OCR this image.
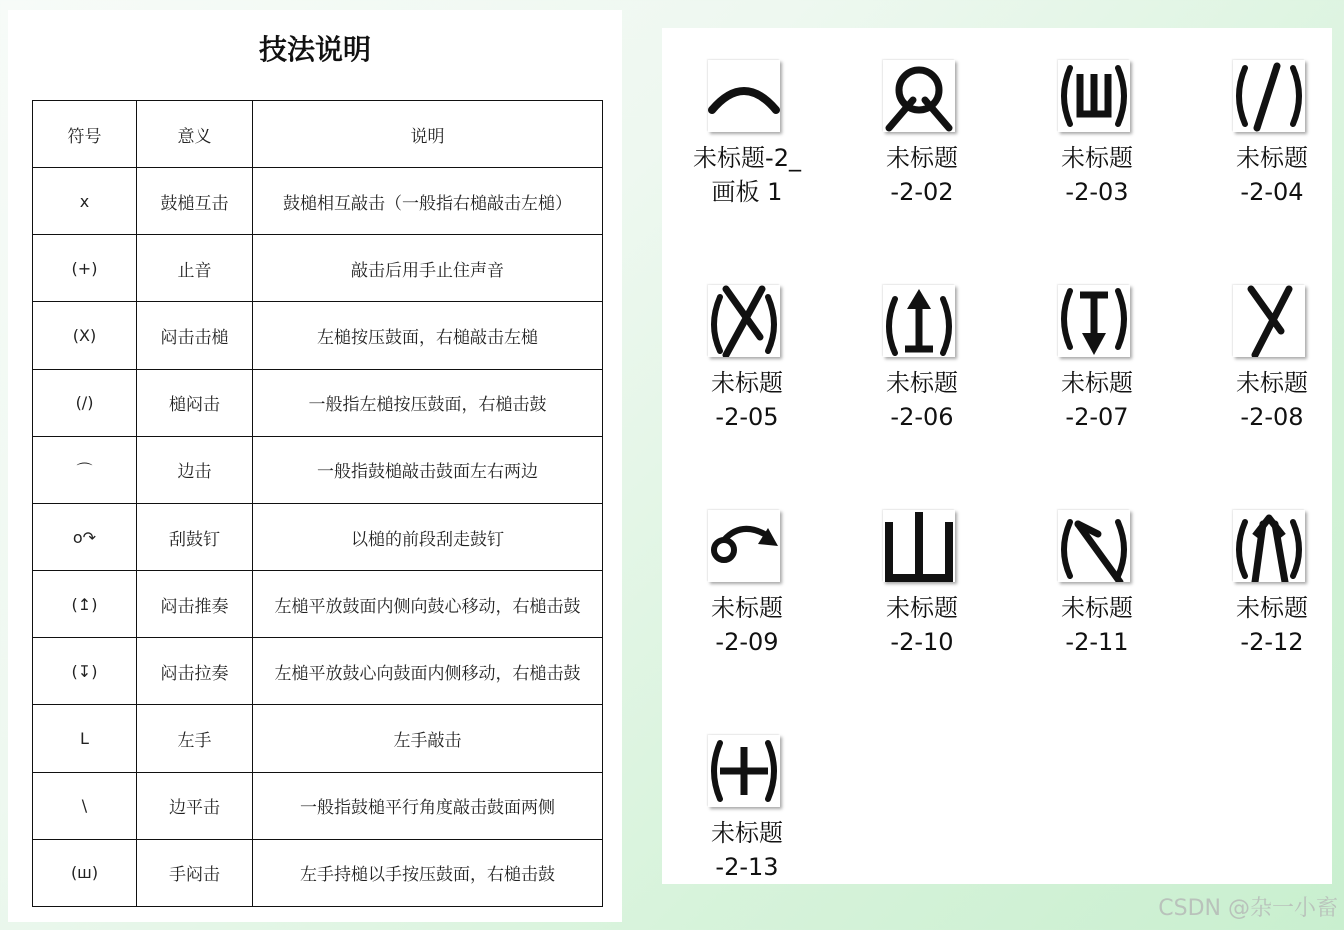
技法说明
符号	意义	说明
x	鼓槌互击	鼓槌相互敲击（一般指右槌敲击左槌）
(+)	止音	敲击后用手止住声音
(X)	闷击击槌	左槌按压鼓面，右槌敲击左槌
(/)	槌闷击	一般指左槌按压鼓面，右槌击鼓
⌒	边击	一般指鼓槌敲击鼓面左右两边
o↷	刮鼓钉	以槌的前段刮走鼓钉
(↥)	闷击推奏	左槌平放鼓面内侧向鼓心移动，右槌击鼓
(↧)	闷击拉奏	左槌平放鼓心向鼓面内侧移动，右槌击鼓
L	左手	左手敲击
\	边平击	一般指鼓槌平行角度敲击鼓面两侧
(ш)	手闷击	左手持槌以手按压鼓面，右槌击鼓
未标题-2_
画板 1
未标题
-2-02
未标题
-2-03
未标题
-2-04
未标题
-2-05
未标题
-2-06
未标题
-2-07
未标题
-2-08
未标题
-2-09
未标题
-2-10
未标题
-2-11
未标题
-2-12
未标题
-2-13
CSDN @杂一小畜
